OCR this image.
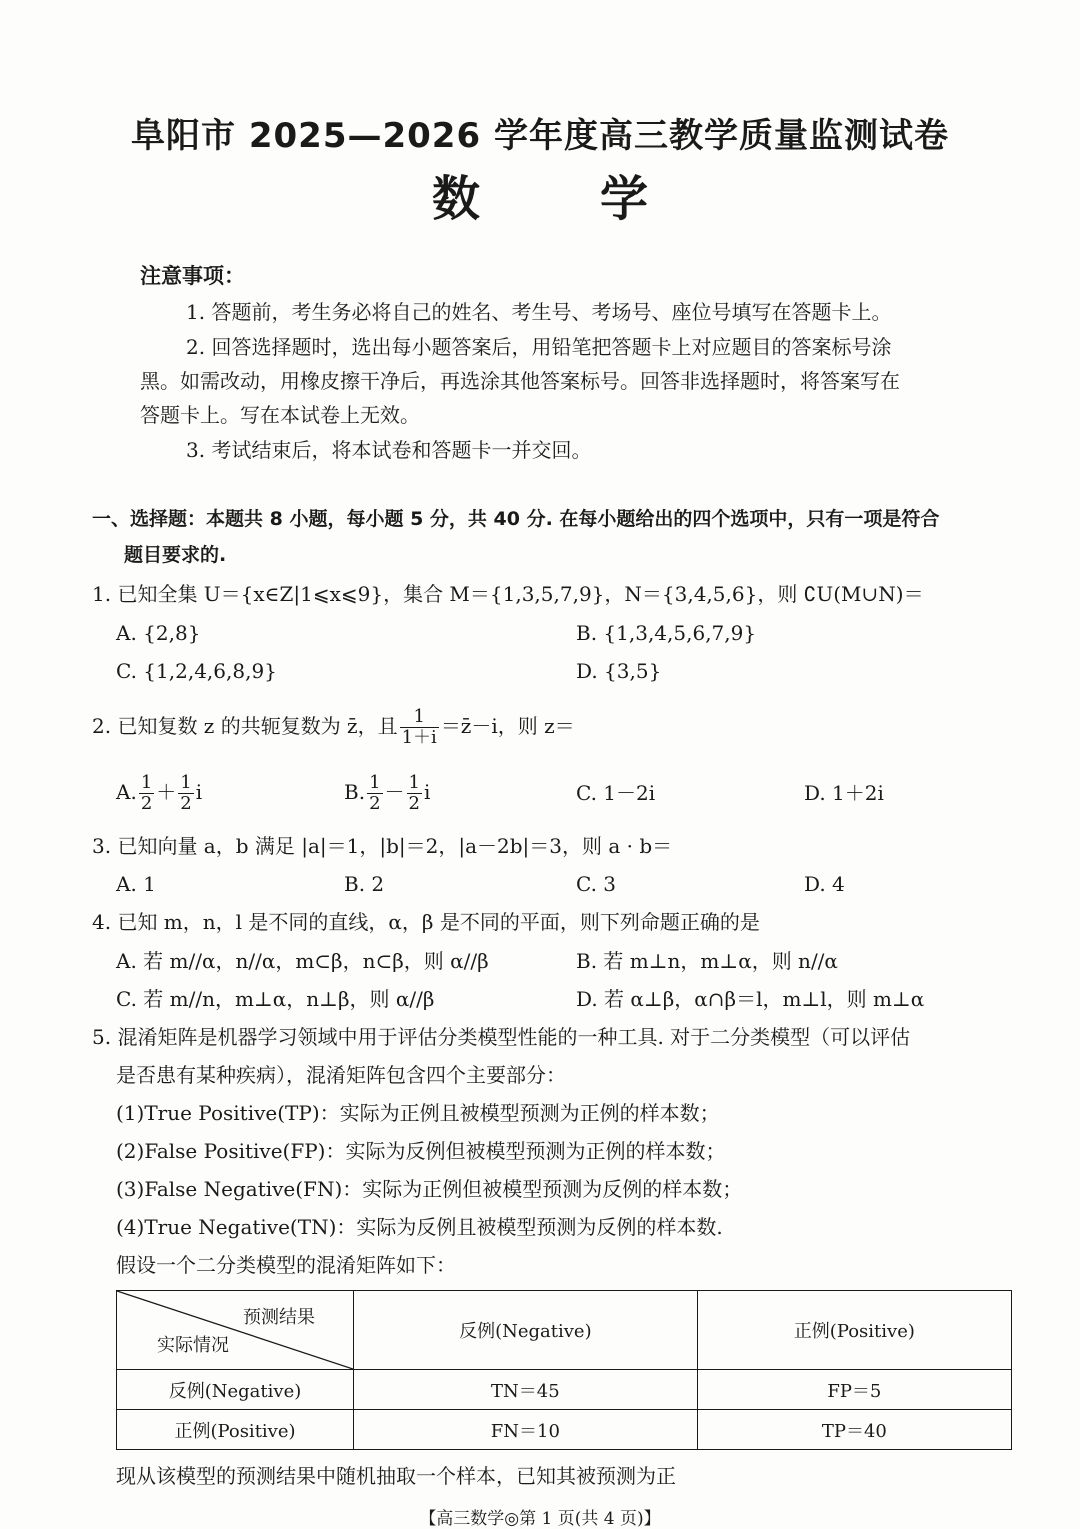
阜阳市 2025—2026 学年度高三教学质量监测试卷
数学
注意事项：
1. 答题前，考生务必将自己的姓名、考生号、考场号、座位号填写在答题卡上。
2. 回答选择题时，选出每小题答案后，用铅笔把答题卡上对应题目的答案标号涂
黑。如需改动，用橡皮擦干净后，再选涂其他答案标号。回答非选择题时，将答案写在
答题卡上。写在本试卷上无效。
3. 考试结束后，将本试卷和答题卡一并交回。
一、选择题：本题共 8 小题，每小题 5 分，共 40 分. 在每小题给出的四个选项中，只有一项是符合
题目要求的.
1. 已知全集 U＝{x∈Z|1⩽x⩽9}，集合 M＝{1,3,5,7,9}，N＝{3,4,5,6}，则 ∁U(M∪N)＝
A. {2,8}	B. {1,3,4,5,6,7,9}
C. {1,2,4,6,8,9}	D. {3,5}
2. 已知复数 z 的共轭复数为 z̄，且 $\frac{1}{1+i}$ ＝z̄－i，则 z＝
A. $\frac{1}{2} + \frac{1}{2}$ i	B. $\frac{1}{2} - \frac{1}{2}$ i	C. 1－2i	D. 1＋2i
3. 已知向量 a，b 满足 |a|＝1，|b|＝2，|a－2b|＝3，则 a · b＝
A. 1	B. 2	C. 3	D. 4
4. 已知 m，n，l 是不同的直线，α，β 是不同的平面，则下列命题正确的是
A. 若 m//α，n//α，m⊂β，n⊂β，则 α//β	B. 若 m⊥n，m⊥α，则 n//α
C. 若 m//n，m⊥α，n⊥β，则 α//β	D. 若 α⊥β，α∩β＝l，m⊥l，则 m⊥α
5. 混淆矩阵是机器学习领域中用于评估分类模型性能的一种工具. 对于二分类模型（可以评估
是否患有某种疾病），混淆矩阵包含四个主要部分：
(1)True Positive(TP)：实际为正例且被模型预测为正例的样本数；
(2)False Positive(FP)：实际为反例但被模型预测为正例的样本数；
(3)False Negative(FN)：实际为正例但被模型预测为反例的样本数；
(4)True Negative(TN)：实际为反例且被模型预测为反例的样本数.
假设一个二分类模型的混淆矩阵如下：
预测结果
实际情况	反例(Negative)	正例(Positive)
反例(Negative)	TN＝45	FP＝5
正例(Positive)	FN＝10	TP＝40
现从该模型的预测结果中随机抽取一个样本，已知其被预测为正
【高三数学◎第 1 页(共 4 页)】
